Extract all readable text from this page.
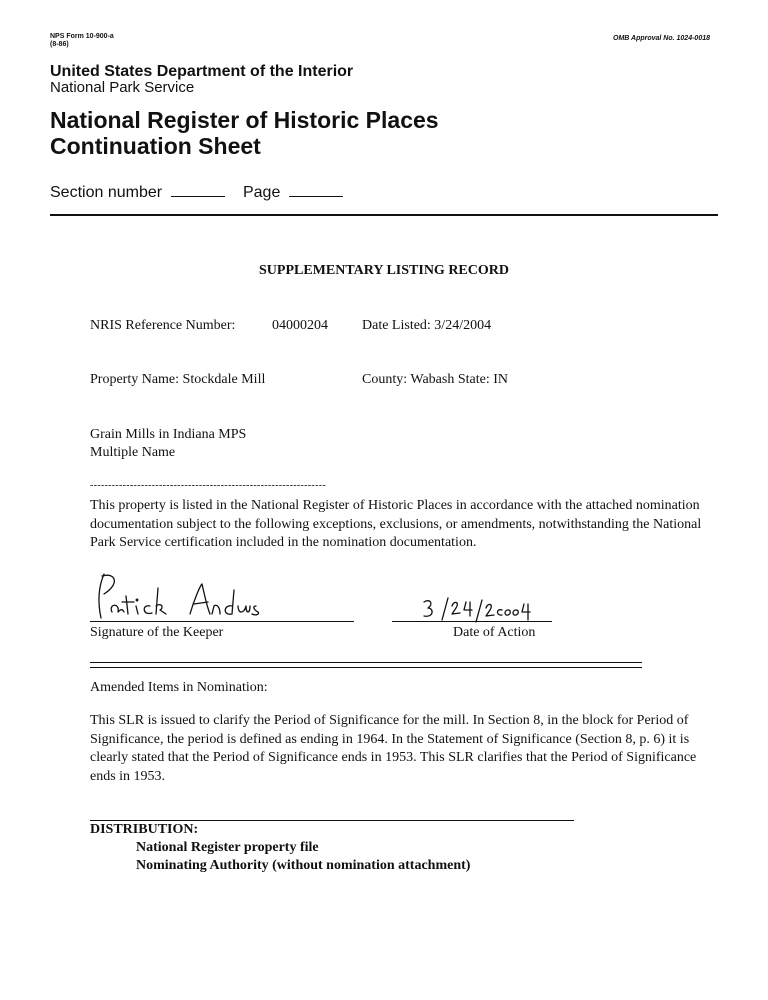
NPS Form 10-900-a
(8-86)
OMB Approval No. 1024-0018
United States Department of the Interior
National Park Service
National Register of Historic Places
Continuation Sheet
Section number	Page
SUPPLEMENTARY LISTING RECORD
NRIS Reference Number:	04000204 Date Listed: 3/24/2004
Property Name: Stockdale Mill	County: Wabash State: IN
Grain Mills in Indiana MPS
Multiple Name
-----------------------------------------------------------------
This property is listed in the National Register of Historic Places in accordance with the attached nomination documentation subject to the following exceptions, exclusions, or amendments, notwithstanding the National Park Service certification included in the nomination documentation.
Signature of the Keeper	Date of Action
Amended Items in Nomination:
This SLR is issued to clarify the Period of Significance for the mill. In Section 8, in the block for Period of Significance, the period is defined as ending in 1964. In the Statement of Significance (Section 8, p. 6) it is clearly stated that the Period of Significance ends in 1953. This SLR clarifies that the Period of Significance ends in 1953.
DISTRIBUTION:
National Register property file
Nominating Authority (without nomination attachment)
